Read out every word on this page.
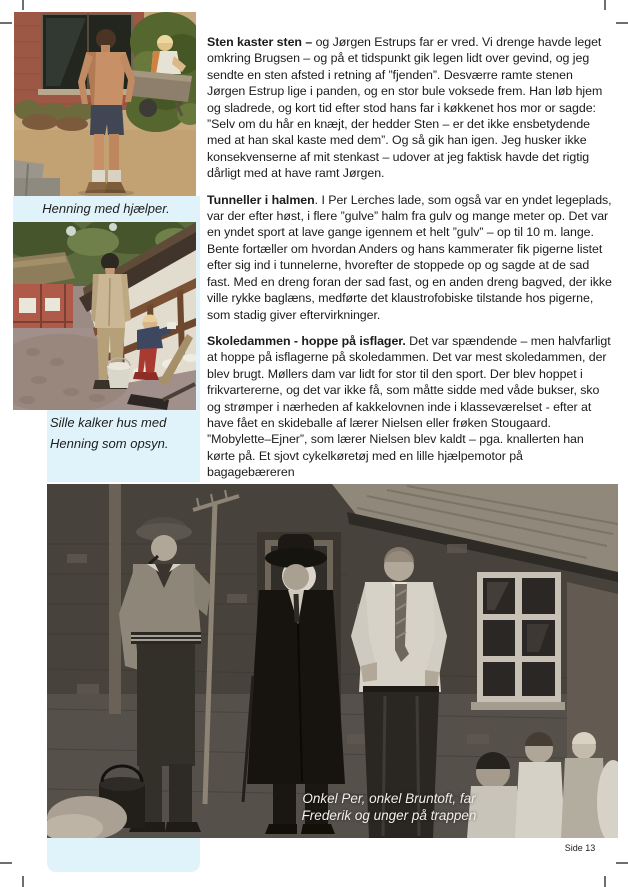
Henning med hjælper.
Sille kalker hus med
Henning som opsyn.

Sten kaster sten – og Jørgen Estrups far er vred. Vi drenge havde leget omkring Brugsen – og på et tidspunkt gik legen lidt over gevind, og jeg sendte en sten afsted i retning af ”fjenden”. Desværre ramte stenen Jørgen Estrup lige i panden, og en stor bule voksede frem. Han løb hjem og sladrede, og kort tid efter stod hans far i køkkenet hos mor or sagde: ”Selv om du hår en knæjt, der hedder Sten – er det ikke ensbetydende med at han skal kaste med dem”. Og så gik han igen. Jeg husker ikke konsekvenserne af mit stenkast – udover at jeg faktisk havde det rigtig dårligt med at have ramt Jørgen.

Tunneller i halmen. I Per Lerches lade, som også var en yndet legeplads, var der efter høst, i flere ”gulve” halm fra gulv og mange meter op. Det var en yndet sport at lave gange igennem et helt ”gulv” – op til 10 m. lange. Bente fortæller om hvordan Anders og hans kammerater fik pigerne listet efter sig ind i tunnelerne, hvorefter de stoppede op og sagde at de sad fast. Med en dreng foran der sad fast, og en anden dreng bagved, der ikke ville rykke baglæns, medførte det klaustrofobiske tilstande hos pigerne, som stadig giver eftervirkninger.

Skoledammen - hoppe på isflager. Det var spændende – men halvfarligt at hoppe på isflagerne på skoledammen. Det var mest skoledammen, der blev brugt. Møllers dam var lidt for stor til den sport. Der blev hoppet i frikvartererne, og det var ikke få, som måtte sidde med våde bukser, sko og strømper i nærheden af kakkelovnen inde i klasseværelset - efter at have fået en skideballe af lærer Nielsen eller frøken Stougaard. ”Mobylette–Ejner”, som lærer Nielsen blev kaldt – pga. knallerten han kørte på. Et sjovt cykelkøretøj med en lille hjælpemotor på bagagebæreren

Onkel Per, onkel Bruntoft, far
Frederik og unger på trappen
Side 13
